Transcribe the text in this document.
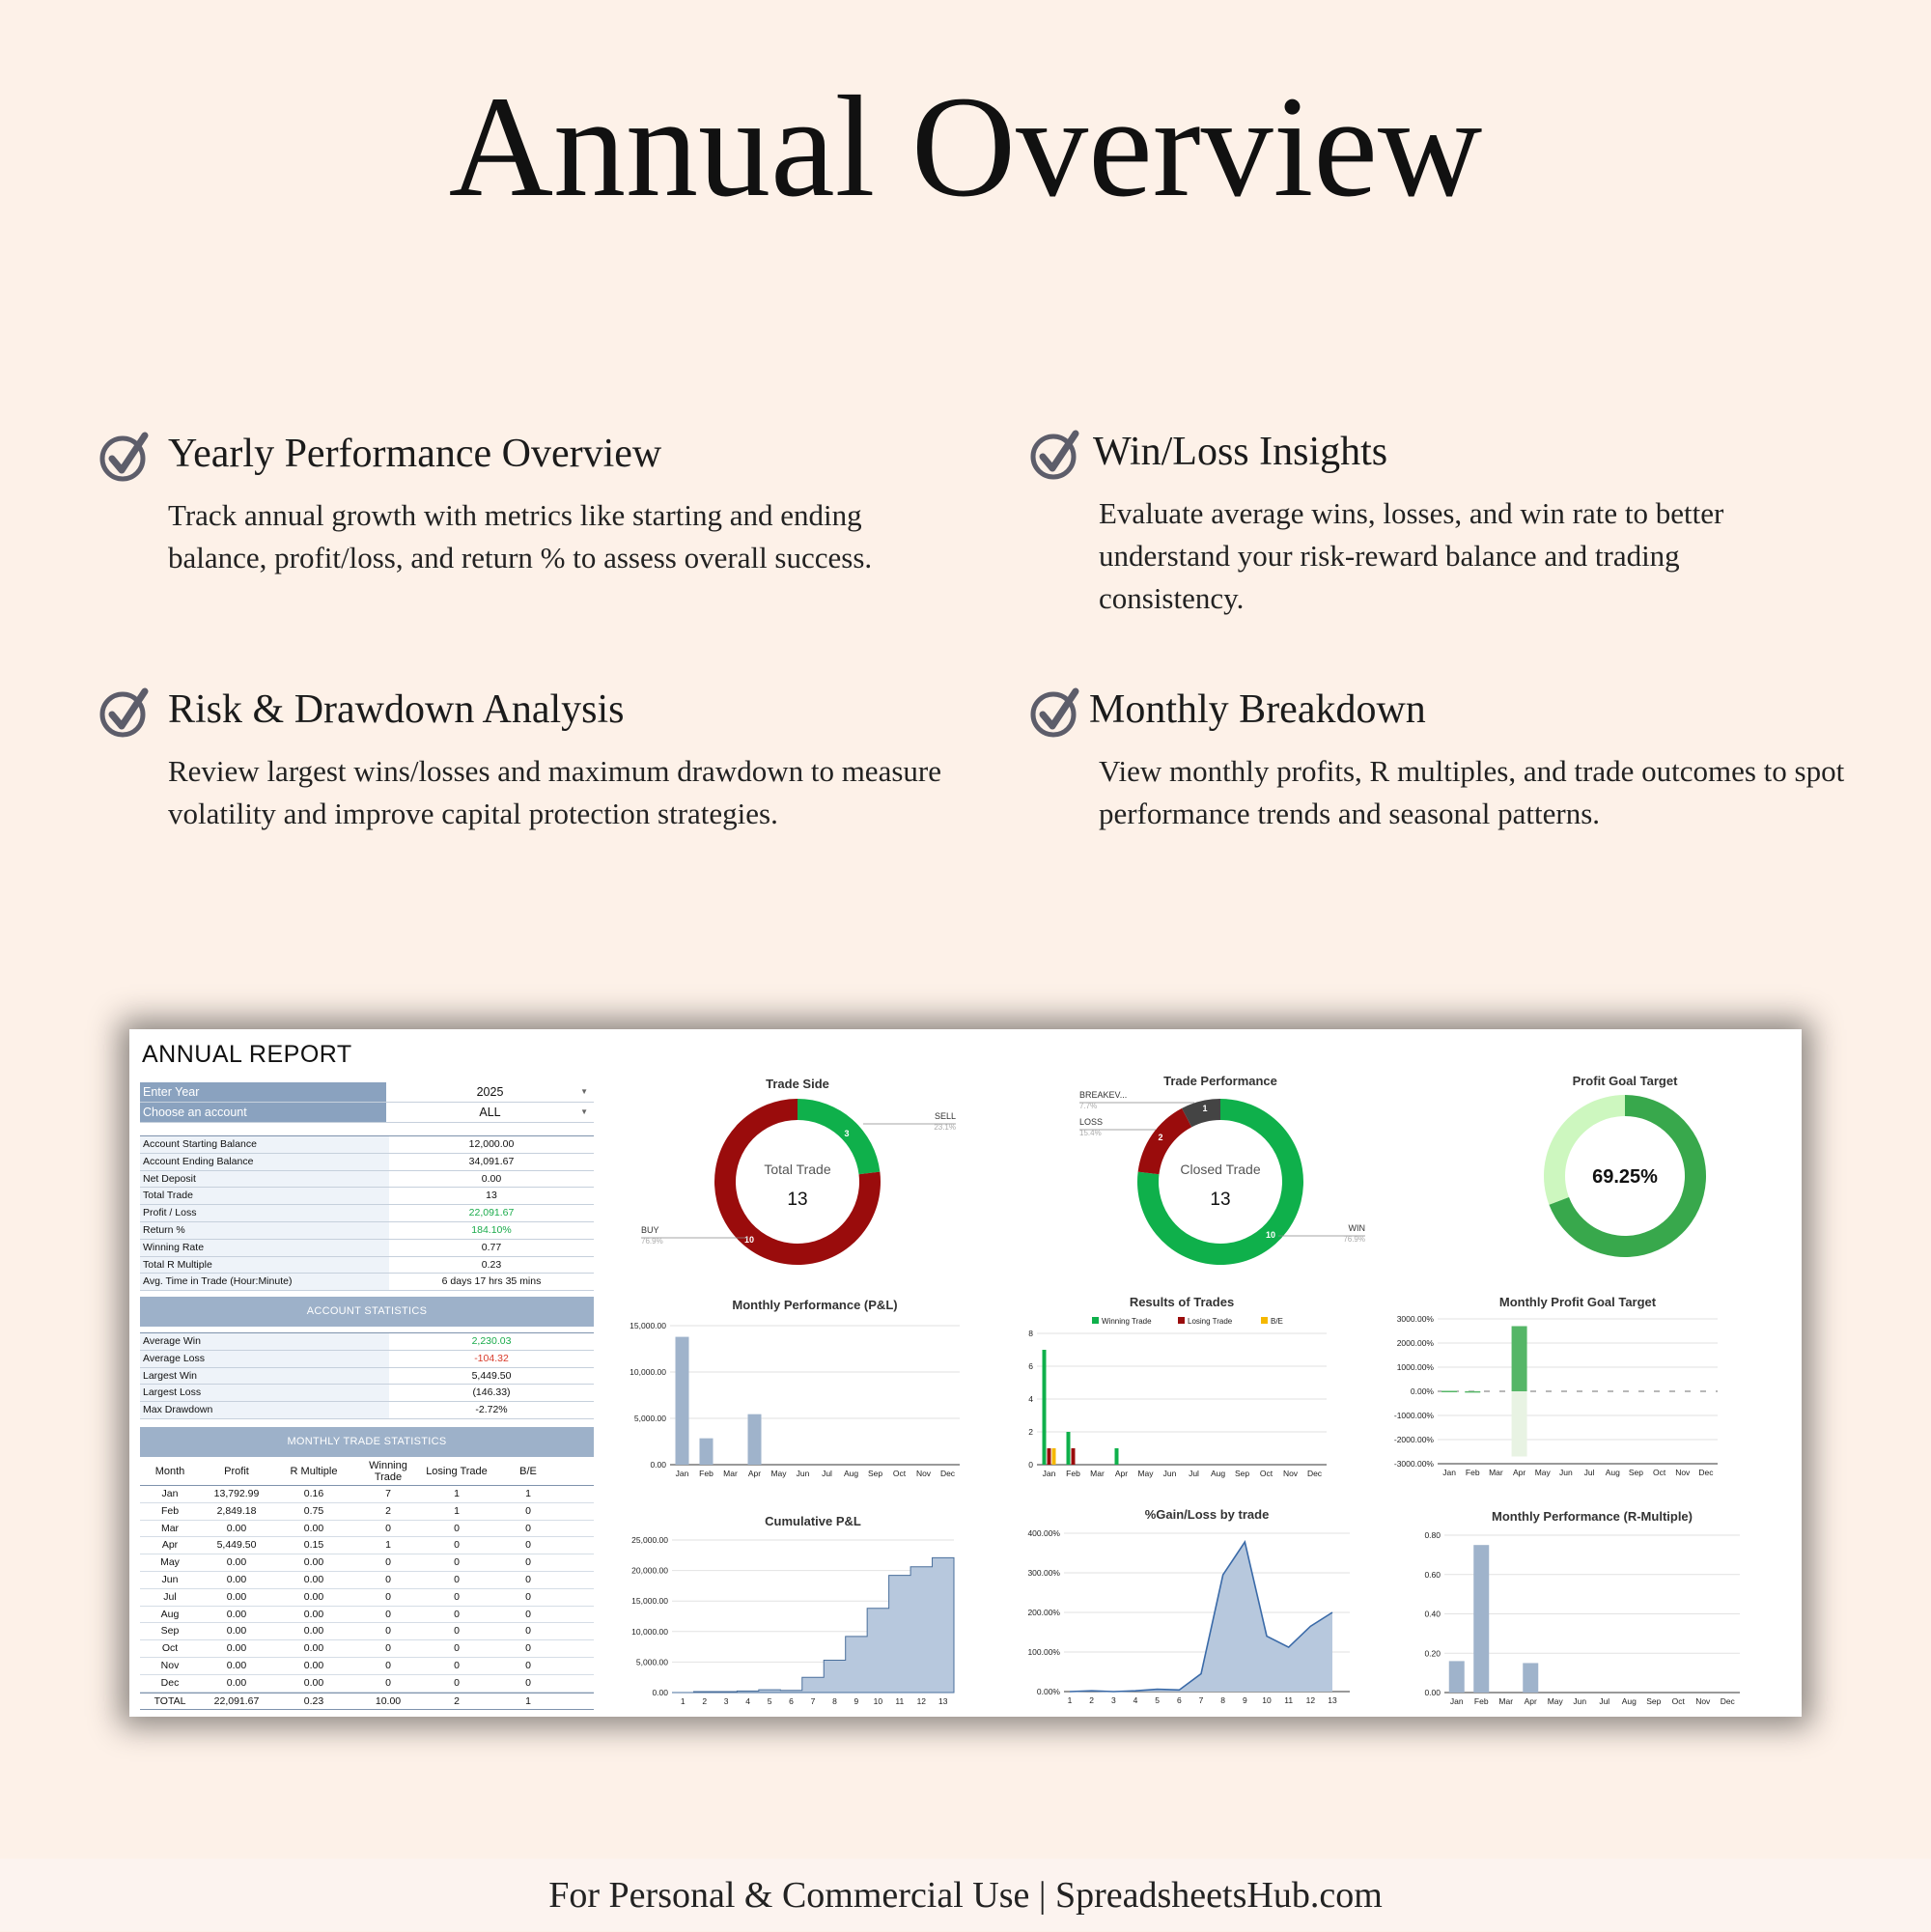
Annual Overview
Yearly Performance Overview

Track annual growth with metrics like starting and ending balance, profit/loss, and return % to assess overall success.

Win/Loss Insights

Evaluate average wins, losses, and win rate to better understand your risk-reward balance and trading consistency.

Risk & Drawdown Analysis

Review largest wins/losses and maximum drawdown to measure volatility and improve capital protection strategies.

Monthly Breakdown

View monthly profits, R multiples, and trade outcomes to spot performance trends and seasonal patterns.

ANNUAL REPORT
Enter Year	2025	▼
Choose an account	ALL	▼
Account Starting Balance	12,000.00
Account Ending Balance	34,091.67
Net Deposit	0.00
Total Trade	13
Profit / Loss	22,091.67
Return %	184.10%
Winning Rate	0.77
Total R Multiple	0.23
Avg. Time in Trade (Hour:Minute)	6 days 17 hrs 35 mins
ACCOUNT STATISTICS
Average Win	2,230.03
Average Loss	-104.32
Largest Win	5,449.50
Largest Loss	(146.33)
Max Drawdown	-2.72%
MONTHLY TRADE STATISTICS
Month	Profit	R Multiple	Winning Trade	Losing Trade	B/E
Jan	13,792.99	0.16	7	1	1
Feb	2,849.18	0.75	2	1	0
Mar	0.00	0.00	0	0	0
Apr	5,449.50	0.15	1	0	0
May	0.00	0.00	0	0	0
Jun	0.00	0.00	0	0	0
Jul	0.00	0.00	0	0	0
Aug	0.00	0.00	0	0	0
Sep	0.00	0.00	0	0	0
Oct	0.00	0.00	0	0	0
Nov	0.00	0.00	0	0	0
Dec	0.00	0.00	0	0	0
TOTAL	22,091.67	0.23	10.00	2	1
Trade Side
Total Trade
13
3
10
SELL
23.1%
BUY
76.9%
Trade Performance
Closed Trade
13
10
2
1
WIN
76.9%
LOSS
15.4%
BREAKEV...
7.7%
Profit Goal Target
69.25%
Monthly Performance (P&L)
0.00
5,000.00
10,000.00
15,000.00
Jan Feb Mar Apr May Jun Jul Aug Sep Oct Nov Dec
Results of Trades
0
2
4
6
8
Jan Feb Mar Apr May Jun Jul Aug Sep Oct Nov Dec
Winning Trade	Losing Trade	B/E
Monthly Profit Goal Target
-3000.00%
-2000.00%
-1000.00%
0.00%
1000.00%
2000.00%
3000.00%
Jan Feb Mar Apr May Jun Jul Aug Sep Oct Nov Dec
Cumulative P&L
0.00
5,000.00
10,000.00
15,000.00
20,000.00
25,000.00
1 2 3 4 5 6 7 8 9 10 11 12 13
%Gain/Loss by trade
0.00%
100.00%
200.00%
300.00%
400.00%
1 2 3 4 5 6 7 8 9 10 11 12 13
Monthly Performance (R-Multiple)
0.00
0.20
0.40
0.60
0.80
Jan Feb Mar Apr May Jun Jul Aug Sep Oct Nov Dec
For Personal & Commercial Use | SpreadsheetsHub.com
